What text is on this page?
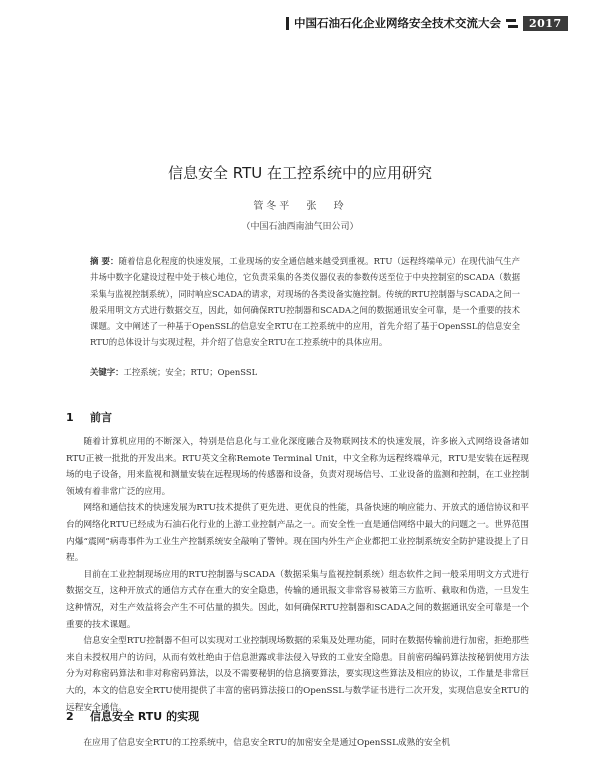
中国石油石化企业网络安全技术交流大会	2017
信息安全 RTU 在工控系统中的应用研究
管冬平 张 玲
（中国石油西南油气田公司）
摘 要：随着信息化程度的快速发展，工业现场的安全通信越来越受到重视。RTU（远程终端单元）在现代油气生产井场中数字化建设过程中处于核心地位，它负责采集的各类仪器仪表的参数传送至位于中央控制室的SCADA（数据采集与监视控制系统），同时响应SCADA的请求，对现场的各类设备实施控制。传统的RTU控制器与SCADA之间一般采用明文方式进行数据交互，因此，如何确保RTU控制器和SCADA之间的数据通讯安全可靠，是一个重要的技术课题。文中阐述了一种基于OpenSSL的信息安全RTU在工控系统中的应用，首先介绍了基于OpenSSL的信息安全RTU的总体设计与实现过程，并介绍了信息安全RTU在工控系统中的具体应用。
关键字：工控系统；安全；RTU；OpenSSL
1 前言

随着计算机应用的不断深入，特别是信息化与工业化深度融合及物联网技术的快速发展，许多嵌入式网络设备诸如RTU正被一批批的开发出来。RTU英文全称Remote Terminal Unit，中文全称为远程终端单元，RTU是安装在远程现场的电子设备，用来监视和测量安装在远程现场的传感器和设备，负责对现场信号、工业设备的监测和控制，在工业控制领域有着非常广泛的应用。

网络和通信技术的快速发展为RTU技术提供了更先进、更优良的性能，具备快速的响应能力、开放式的通信协议和平台的网络化RTU已经成为石油石化行业的上游工业控制产品之一。而安全性一直是通信网络中最大的问题之一。世界范围内爆“震网”病毒事件为工业生产控制系统安全敲响了警钟。现在国内外生产企业都把工业控制系统安全防护建设提上了日程。

目前在工业控制现场应用的RTU控制器与SCADA（数据采集与监视控制系统）组态软件之间一般采用明文方式进行数据交互，这种开放式的通信方式存在重大的安全隐患，传输的通讯报文非常容易被第三方监听、截取和伪造，一旦发生这种情况，对生产效益将会产生不可估量的损失。因此，如何确保RTU控制器和SCADA之间的数据通讯安全可靠是一个重要的技术课题。

信息安全型RTU控制器不但可以实现对工业控制现场数据的采集及处理功能，同时在数据传输前进行加密，拒绝那些来自未授权用户的访问，从而有效杜绝由于信息泄露或非法侵入导致的工业安全隐患。目前密码编码算法按秘钥使用方法分为对称密码算法和非对称密码算法，以及不需要秘钥的信息摘要算法，要实现这些算法及相应的协议，工作量是非常巨大的，本文的信息安全RTU使用提供了丰富的密码算法接口的OpenSSL与数学证书进行二次开发，实现信息安全RTU的远程安全通信。

2 信息安全 RTU 的实现

在应用了信息安全RTU的工控系统中，信息安全RTU的加密安全是通过OpenSSL成熟的安全机
